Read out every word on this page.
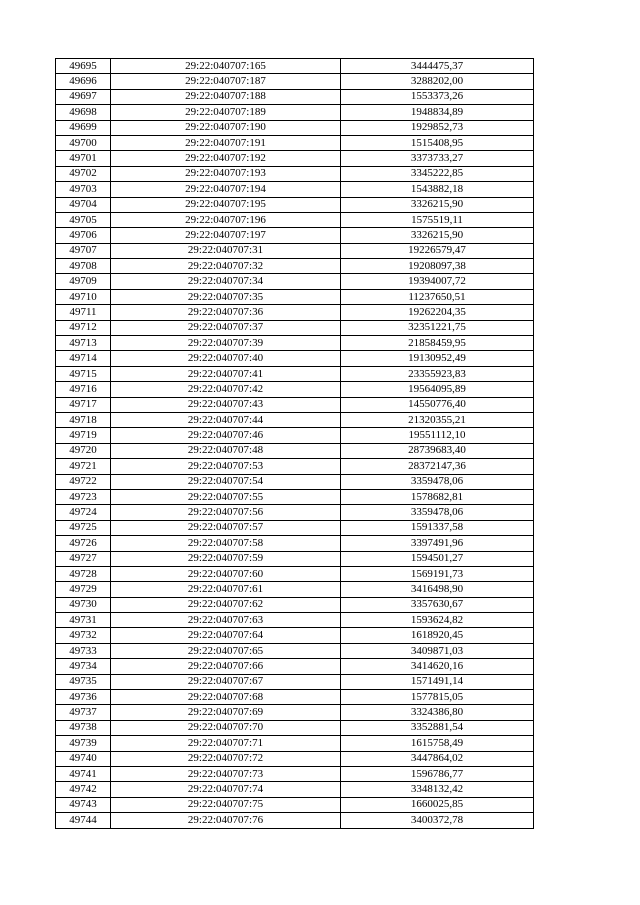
49695	29:22:040707:165	3444475,37
49696	29:22:040707:187	3288202,00
49697	29:22:040707:188	1553373,26
49698	29:22:040707:189	1948834,89
49699	29:22:040707:190	1929852,73
49700	29:22:040707:191	1515408,95
49701	29:22:040707:192	3373733,27
49702	29:22:040707:193	3345222,85
49703	29:22:040707:194	1543882,18
49704	29:22:040707:195	3326215,90
49705	29:22:040707:196	1575519,11
49706	29:22:040707:197	3326215,90
49707	29:22:040707:31	19226579,47
49708	29:22:040707:32	19208097,38
49709	29:22:040707:34	19394007,72
49710	29:22:040707:35	11237650,51
49711	29:22:040707:36	19262204,35
49712	29:22:040707:37	32351221,75
49713	29:22:040707:39	21858459,95
49714	29:22:040707:40	19130952,49
49715	29:22:040707:41	23355923,83
49716	29:22:040707:42	19564095,89
49717	29:22:040707:43	14550776,40
49718	29:22:040707:44	21320355,21
49719	29:22:040707:46	19551112,10
49720	29:22:040707:48	28739683,40
49721	29:22:040707:53	28372147,36
49722	29:22:040707:54	3359478,06
49723	29:22:040707:55	1578682,81
49724	29:22:040707:56	3359478,06
49725	29:22:040707:57	1591337,58
49726	29:22:040707:58	3397491,96
49727	29:22:040707:59	1594501,27
49728	29:22:040707:60	1569191,73
49729	29:22:040707:61	3416498,90
49730	29:22:040707:62	3357630,67
49731	29:22:040707:63	1593624,82
49732	29:22:040707:64	1618920,45
49733	29:22:040707:65	3409871,03
49734	29:22:040707:66	3414620,16
49735	29:22:040707:67	1571491,14
49736	29:22:040707:68	1577815,05
49737	29:22:040707:69	3324386,80
49738	29:22:040707:70	3352881,54
49739	29:22:040707:71	1615758,49
49740	29:22:040707:72	3447864,02
49741	29:22:040707:73	1596786,77
49742	29:22:040707:74	3348132,42
49743	29:22:040707:75	1660025,85
49744	29:22:040707:76	3400372,78
